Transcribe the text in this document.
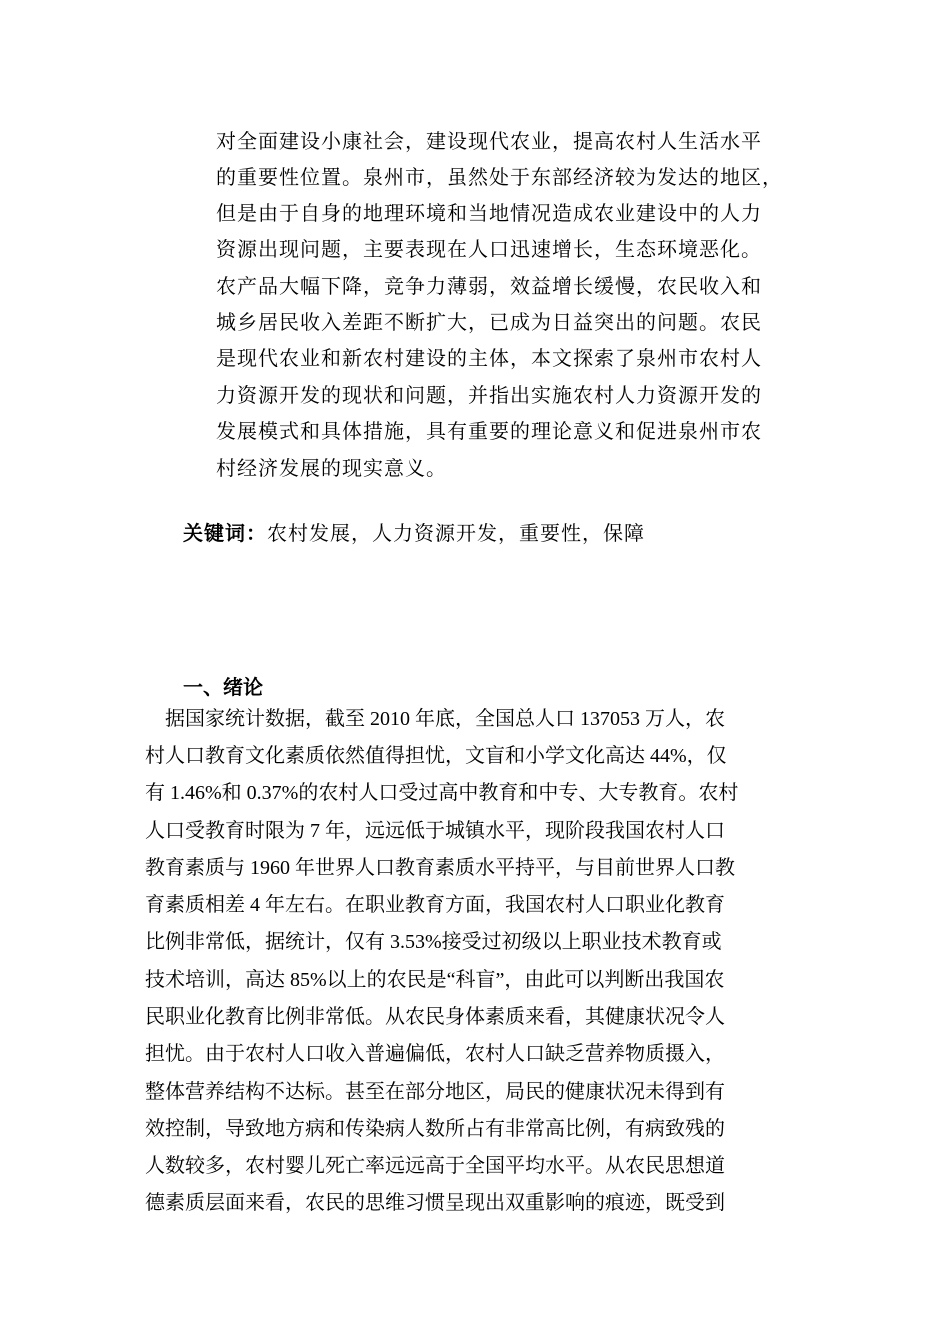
对全面建设小康社会，建设现代农业，提高农村人生活水平
的重要性位置。泉州市，虽然处于东部经济较为发达的地区，
但是由于自身的地理环境和当地情况造成农业建设中的人力
资源出现问题，主要表现在人口迅速增长，生态环境恶化。
农产品大幅下降，竞争力薄弱，效益增长缓慢，农民收入和
城乡居民收入差距不断扩大，已成为日益突出的问题。农民
是现代农业和新农村建设的主体，本文探索了泉州市农村人
力资源开发的现状和问题，并指出实施农村人力资源开发的
发展模式和具体措施，具有重要的理论意义和促进泉州市农
村经济发展的现实意义。
关键词：农村发展，人力资源开发，重要性，保障
一、绪论
　据国家统计数据，截至 2010 年底，全国总人口 137053 万人，农
村人口教育文化素质依然值得担忧，文盲和小学文化高达 44%，仅
有 1.46%和 0.37%的农村人口受过高中教育和中专、大专教育。农村
人口受教育时限为 7 年，远远低于城镇水平，现阶段我国农村人口
教育素质与 1960 年世界人口教育素质水平持平，与目前世界人口教
育素质相差 4 年左右。在职业教育方面，我国农村人口职业化教育
比例非常低，据统计，仅有 3.53%接受过初级以上职业技术教育或
技术培训，高达 85%以上的农民是“科盲”，由此可以判断出我国农
民职业化教育比例非常低。从农民身体素质来看，其健康状况令人
担忧。由于农村人口收入普遍偏低，农村人口缺乏营养物质摄入，
整体营养结构不达标。甚至在部分地区，局民的健康状况未得到有
效控制，导致地方病和传染病人数所占有非常高比例，有病致残的
人数较多，农村婴儿死亡率远远高于全国平均水平。从农民思想道
德素质层面来看，农民的思维习惯呈现出双重影响的痕迹，既受到
